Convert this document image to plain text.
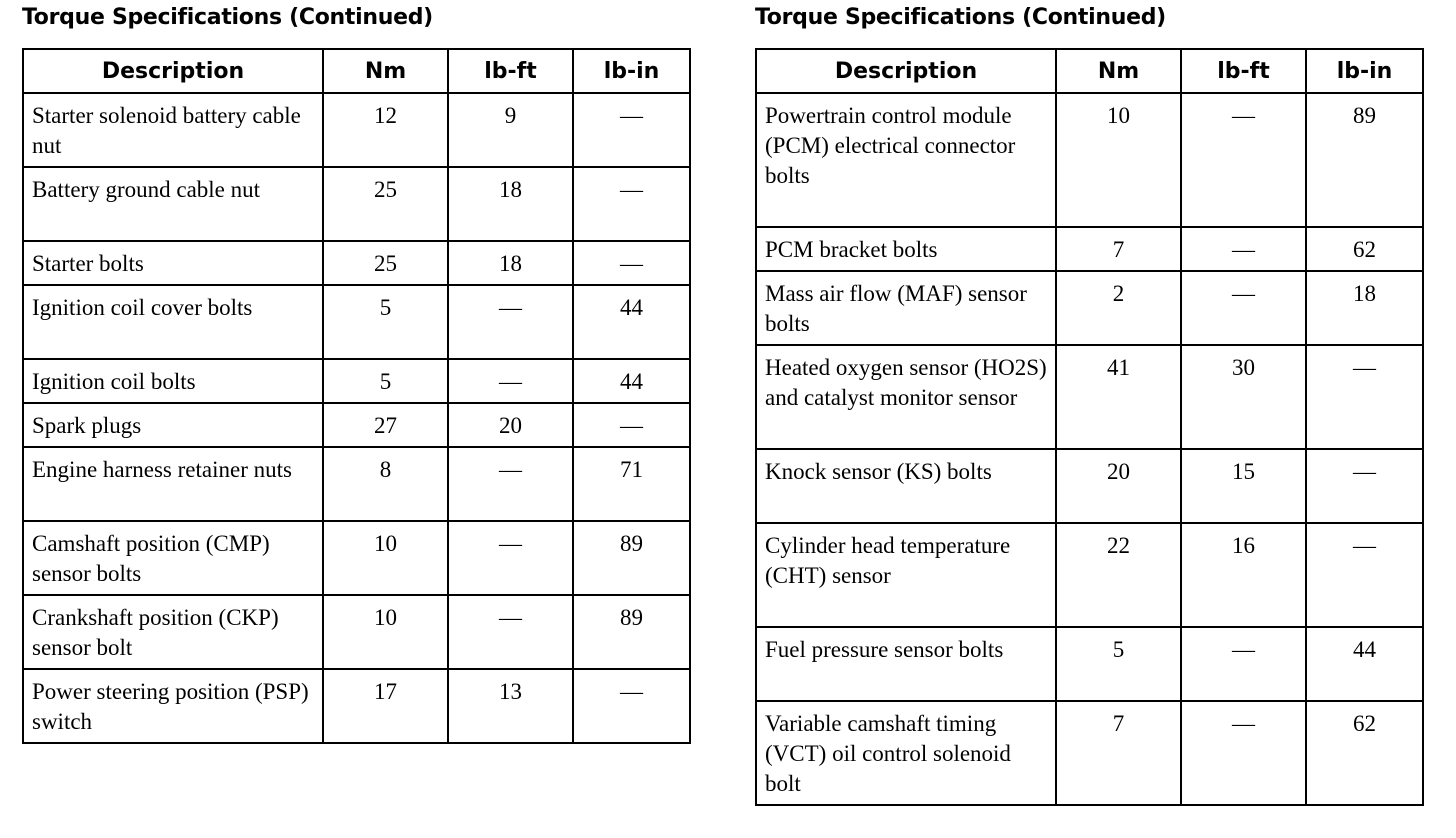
Torque Specifications (Continued)
Description	Nm	lb-ft	lb-in
Starter solenoid battery cable nut	12	9	—
Battery ground cable nut	25	18	—
Starter bolts	25	18	—
Ignition coil cover bolts	5	—	44
Ignition coil bolts	5	—	44
Spark plugs	27	20	—
Engine harness retainer nuts	8	—	71
Camshaft position (CMP) sensor bolts	10	—	89
Crankshaft position (CKP) sensor bolt	10	—	89
Power steering position (PSP) switch	17	13	—
Torque Specifications (Continued)
Description	Nm	lb-ft	lb-in
Powertrain control module (PCM) electrical connector bolts	10	—	89
PCM bracket bolts	7	—	62
Mass air flow (MAF) sensor bolts	2	—	18
Heated oxygen sensor (HO2S) and catalyst monitor sensor	41	30	—
Knock sensor (KS) bolts	20	15	—
Cylinder head temperature (CHT) sensor	22	16	—
Fuel pressure sensor bolts	5	—	44
Variable camshaft timing (VCT) oil control solenoid bolt	7	—	62
